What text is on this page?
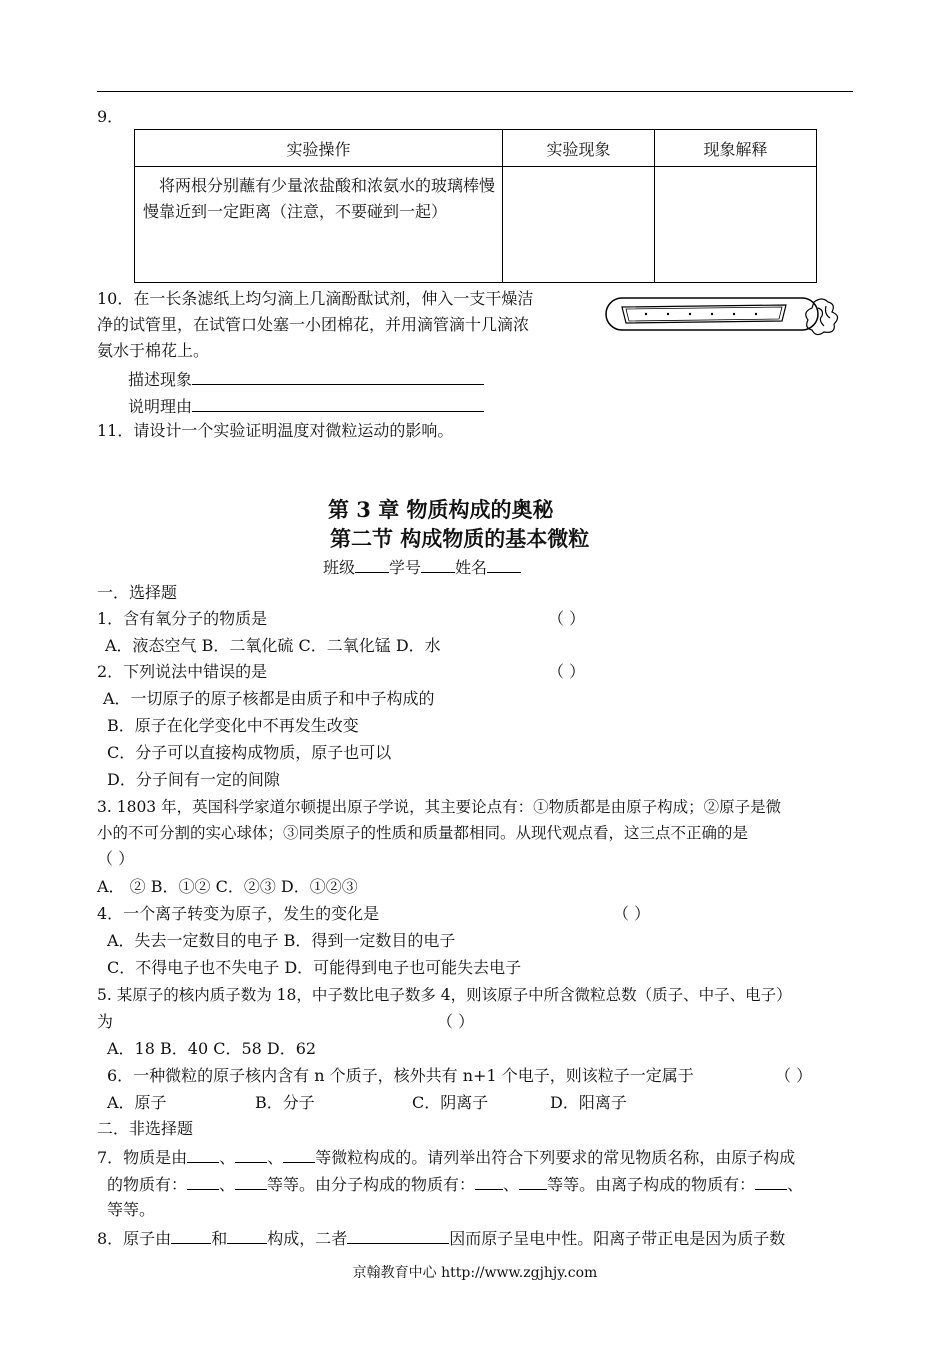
9．
实验操作	实验现象	现象解释
将两根分别蘸有少量浓盐酸和浓氨水的玻璃棒慢慢靠近到一定距离（注意，不要碰到一起）		
10．在一长条滤纸上均匀滴上几滴酚酞试剂，伸入一支干燥洁
净的试管里，在试管口处塞一小团棉花，并用滴管滴十几滴浓
氨水于棉花上。
描述现象
说明理由
11．请设计一个实验证明温度对微粒运动的影响。
第 3 章 物质构成的奥秘
第二节 构成物质的基本微粒
班级 学号 姓名
一．选择题
1．含有氧分子的物质是	（ ）
A．液态空气 B．二氧化硫 C．二氧化锰 D．水
2．下列说法中错误的是	（ ）
A．一切原子的原子核都是由质子和中子构成的
B．原子在化学变化中不再发生改变
C．分子可以直接构成物质，原子也可以
D．分子间有一定的间隙
3. 1803 年，英国科学家道尔顿提出原子学说，其主要论点有：①物质都是由原子构成；②原子是微
小的不可分割的实心球体；③同类原子的性质和质量都相同。从现代观点看，这三点不正确的是
（ ）
A． ② B．①② C．②③ D．①②③
4．一个离子转变为原子，发生的变化是	（ ）
A．失去一定数目的电子 B．得到一定数目的电子
C．不得电子也不失电子 D．可能得到电子也可能失去电子
5. 某原子的核内质子数为 18，中子数比电子数多 4，则该原子中所含微粒总数（质子、中子、电子）
为	（ ）
A．18 B．40 C．58 D．62
6．一种微粒的原子核内含有 n 个质子，核外共有 n+1 个电子，则该粒子一定属于	（ ）
A．原子	B．分子	C．阴离子	D．阳离子
二．非选择题
7．物质是由 、 、 等微粒构成的。请列举出符合下列要求的常见物质名称，由原子构成
的物质有： 、 等等。由分子构成的物质有： 、 等等。由离子构成的物质有： 、
等等。
8．原子由	和	构成，二者	因而原子呈电中性。阳离子带正电是因为质子数
京翰教育中心 http://www.zgjhjy.com
